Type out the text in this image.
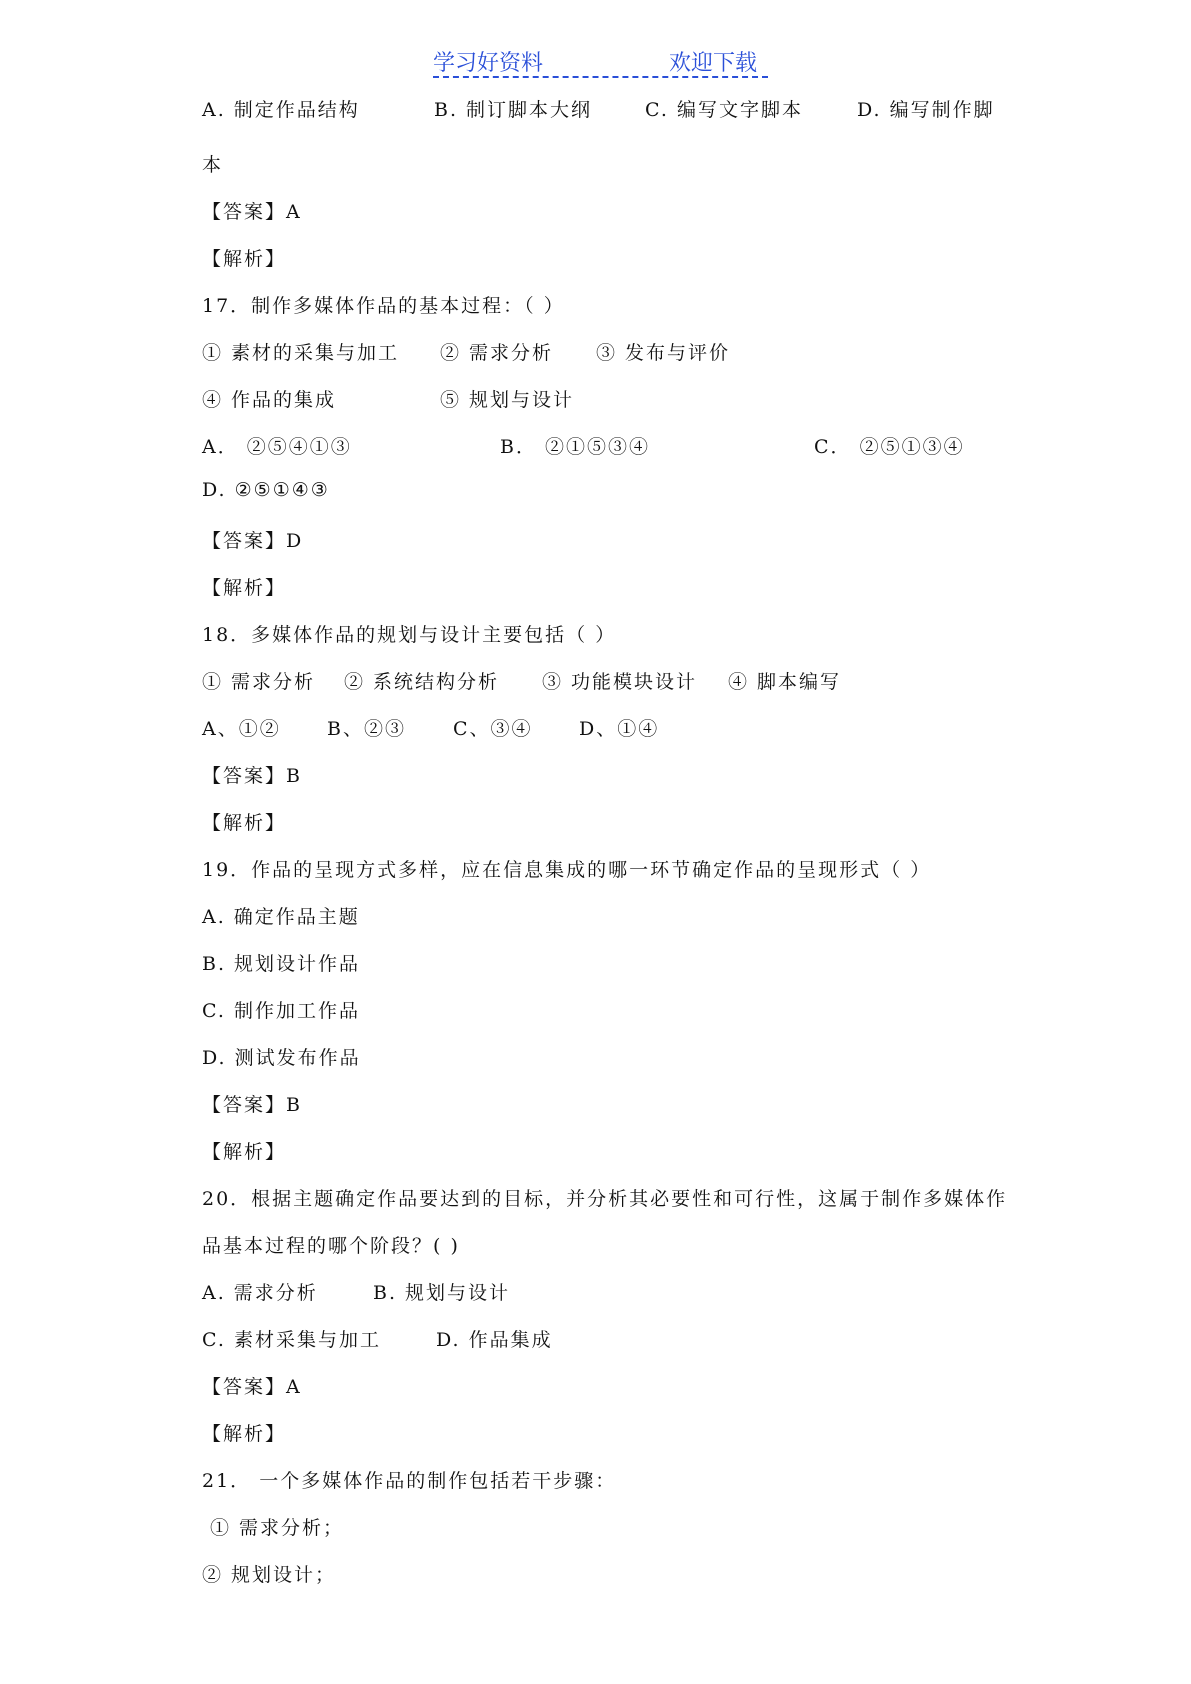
学习好资料	欢迎下载
A. 制定作品结构	B. 制订脚本大纲	C. 编写文字脚本	D. 编写制作脚
本
【答案】A
【解析】
17．制作多媒体作品的基本过程：（ ）
① 素材的采集与加工 ② 需求分析 ③ 发布与评价
④ 作品的集成	⑤ 规划与设计
A． ②⑤④①③	B． ②①⑤③④	C． ②⑤①③④
D. ②⑤①④③
【答案】D
【解析】
18．多媒体作品的规划与设计主要包括（ ）
① 需求分析 ② 系统结构分析 ③ 功能模块设计 ④ 脚本编写
A、①② B、②③ C、③④ D、①④
【答案】B
【解析】
19．作品的呈现方式多样，应在信息集成的哪一环节确定作品的呈现形式（ ）
A. 确定作品主题
B. 规划设计作品
C. 制作加工作品
D. 测试发布作品
【答案】B
【解析】
20．根据主题确定作品要达到的目标，并分析其必要性和可行性，这属于制作多媒体作
品基本过程的哪个阶段？( )
A. 需求分析	B. 规划与设计
C. 素材采集与加工	D. 作品集成
【答案】A
【解析】
21． 一个多媒体作品的制作包括若干步骤：
① 需求分析；
② 规划设计；
